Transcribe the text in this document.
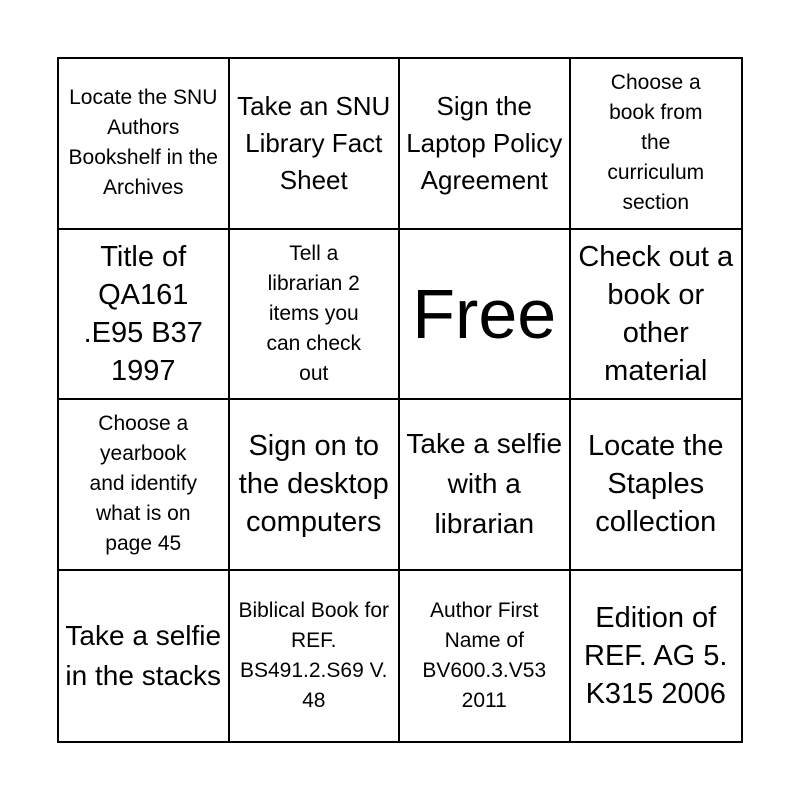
Locate the SNU Authors Bookshelf in the Archives
Take an SNU Library Fact Sheet
Sign the Laptop Policy Agreement
Choose a book from the curriculum section
Title of QA161 .E95 B37 1997
Tell a librarian 2 items you can check out
Free
Check out a book or other material
Choose a yearbook and identify what is on page 45
Sign on to the desktop computers
Take a selfie with a librarian
Locate the Staples collection
Take a selfie in the stacks
Biblical Book for REF. BS491.2.S69 V. 48
Author First Name of BV600.3.V53 2011
Edition of REF. AG 5. K315 2006
